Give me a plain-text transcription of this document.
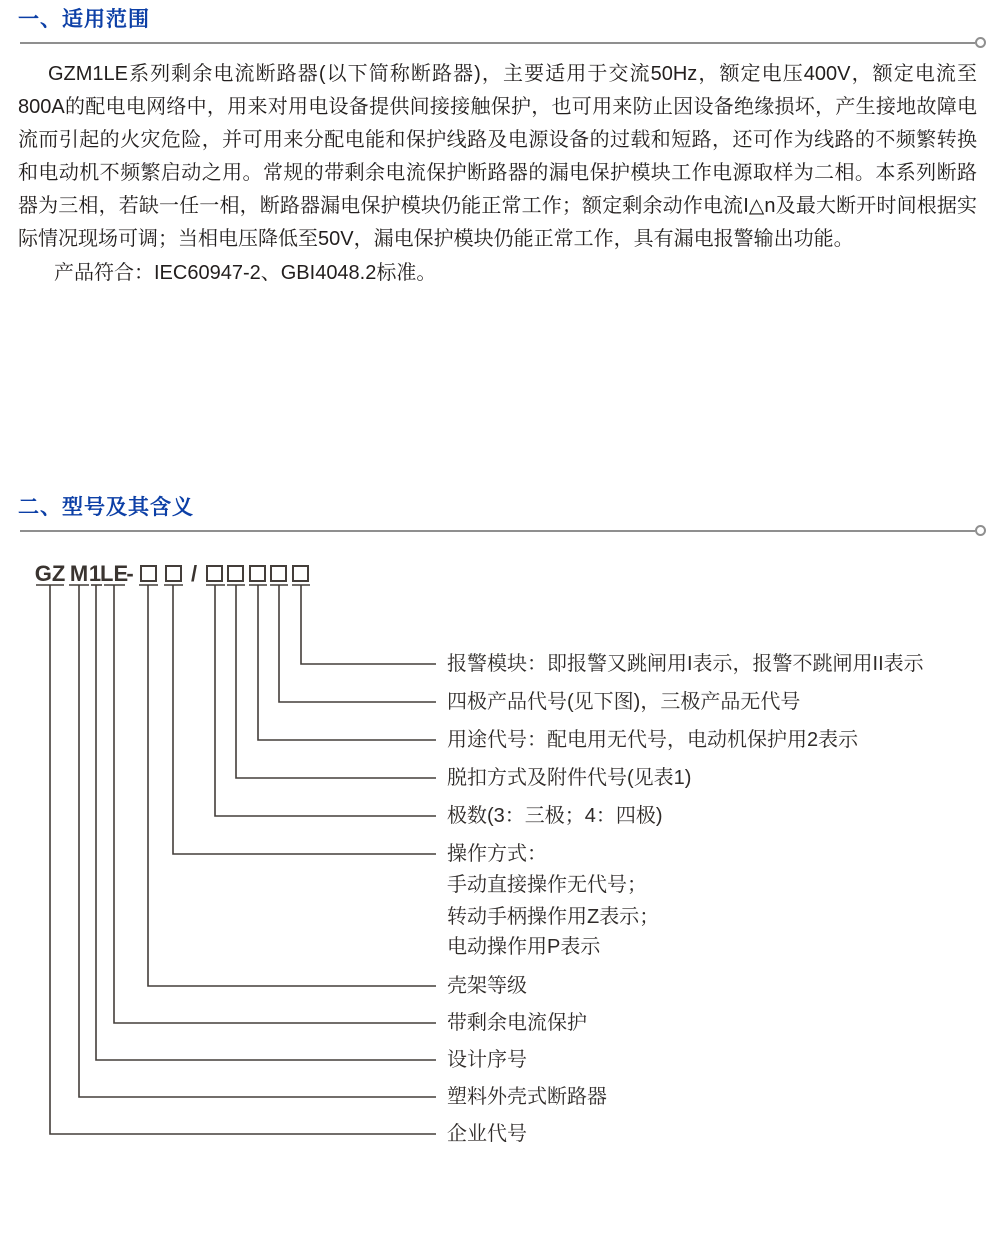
一、适用范围

GZM1LE系列剩余电流断路器(以下简称断路器)，主要适用于交流50Hz，额定电压400V，额定电流至800A的配电电网络中，用来对用电设备提供间接接触保护，也可用来防止因设备绝缘损坏，产生接地故障电流而引起的火灾危险，并可用来分配电能和保护线路及电源设备的过载和短路，还可作为线路的不频繁转换和电动机不频繁启动之用。常规的带剩余电流保护断路器的漏电保护模块工作电源取样为二相。本系列断路器为三相，若缺一任一相，断路器漏电保护模块仍能正常工作；额定剩余动作电流I△n及最大断开时间根据实际情况现场可调；当相电压降低至50V，漏电保护模块仍能正常工作，具有漏电报警输出功能。

产品符合：IEC60947-2、GBI4048.2标准。

二、型号及其含义
GZ M 1
LE
-	/
报警模块：即报警又跳闸用I表示，报警不跳闸用II表示
四极产品代号(见下图)，三极产品无代号
用途代号：配电用无代号，电动机保护用2表示
脱扣方式及附件代号(见表1)
极数(3：三极；4：四极)
操作方式：
手动直接操作无代号；
转动手柄操作用Z表示；
电动操作用P表示
壳架等级
带剩余电流保护
设计序号
塑料外壳式断路器
企业代号
